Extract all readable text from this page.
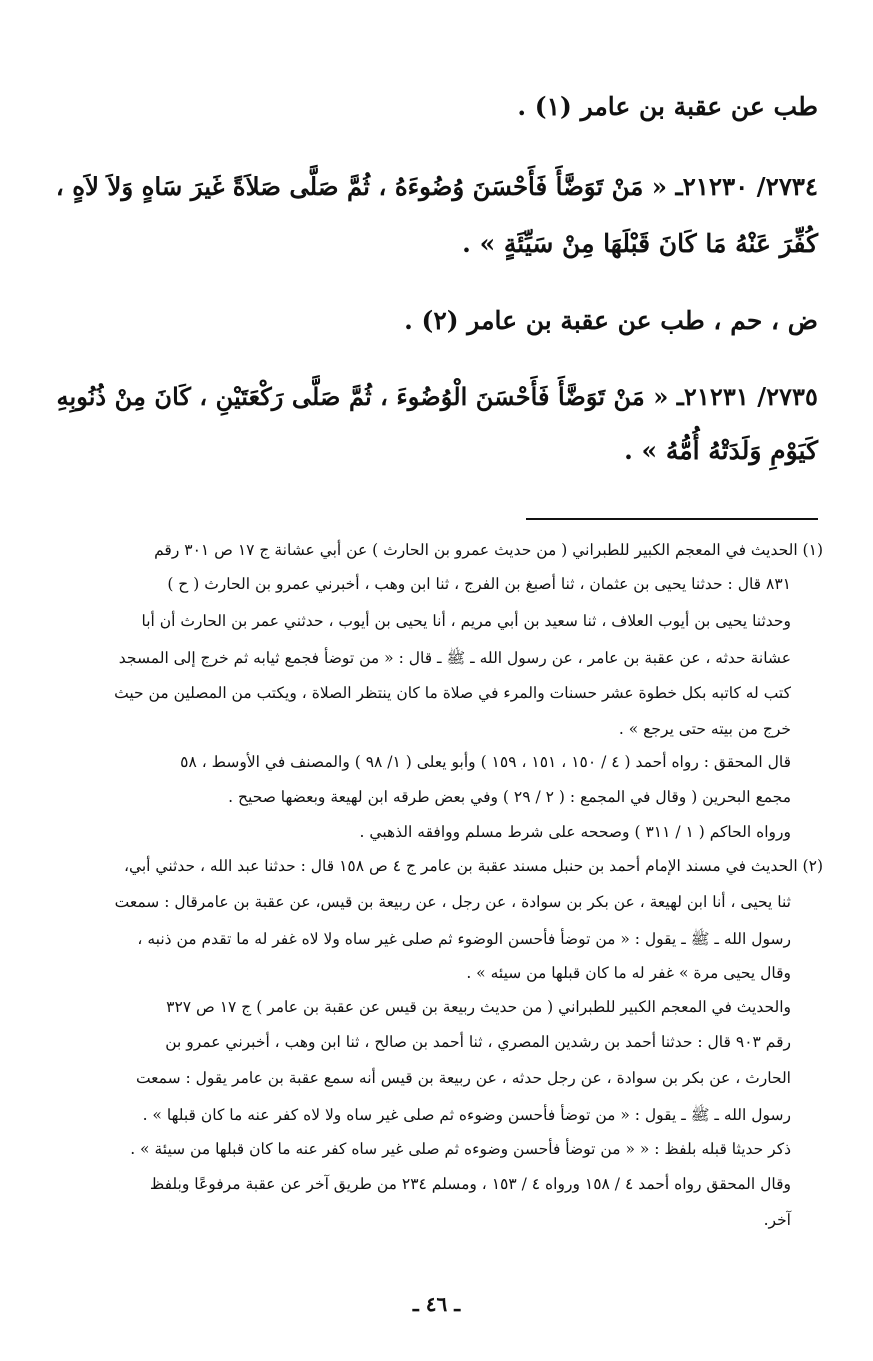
طب عن عقبة بن عامر (١) .
٢٧٣٤/ ٢١٢٣٠ـ « مَنْ تَوَضَّأَ فَأَحْسَنَ وُضُوءَهُ ، ثُمَّ صَلَّى صَلاَةً غَيرَ سَاهٍ وَلاَ لاَهٍ ،
كُفِّرَ عَنْهُ مَا كَانَ قَبْلَهَا مِنْ سَيِّئَةٍ » .
ض ، حم ، طب عن عقبة بن عامر (٢) .
٢٧٣٥/ ٢١٢٣١ـ « مَنْ تَوَضَّأَ فَأَحْسَنَ الْوُضُوءَ ، ثُمَّ صَلَّى رَكْعَتَيْنِ ، كَانَ مِنْ ذُنُوبِهِ
كَيَوْمِ وَلَدَتْهُ أُمُّهُ » .
(١) الحديث في المعجم الكبير للطبراني ( من حديث عمرو بن الحارث ) عن أبي عشانة ج ١٧ ص ٣٠١ رقم
٨٣١ قال : حدثنا يحيى بن عثمان ، ثنا أصبغ بن الفرج ، ثنا ابن وهب ، أخبرني عمرو بن الحارث ( ح )
وحدثنا يحيى بن أيوب العلاف ، ثنا سعيد بن أبي مريم ، أنا يحيى بن أيوب ، حدثني عمر بن الحارث أن أبا
عشانة حدثه ، عن عقبة بن عامر ، عن رسول الله ـ ﷺ ـ قال : « من توضأ فجمع ثيابه ثم خرج إلى المسجد
كتب له كاتبه بكل خطوة عشر حسنات والمرء في صلاة ما كان ينتظر الصلاة ، ويكتب من المصلين من حيث
خرج من بيته حتى يرجع » .
قال المحقق : رواه أحمد ( ٤ / ١٥٠ ، ١٥١ ، ١٥٩ ) وأبو يعلى ( ١/ ٩٨ ) والمصنف في الأوسط ، ٥٨
مجمع البحرين ( وقال في المجمع : ( ٢ / ٢٩ ) وفي بعض طرقه ابن لهيعة وبعضها صحيح .
ورواه الحاكم ( ١ / ٣١١ ) وصححه على شرط مسلم ووافقه الذهبي .
(٢) الحديث في مسند الإمام أحمد بن حنبل مسند عقبة بن عامر ج ٤ ص ١٥٨ قال : حدثنا عبد الله ، حدثني أبي،
ثنا يحيى ، أنا ابن لهيعة ، عن بكر بن سوادة ، عن رجل ، عن ربيعة بن قيس، عن عقبة بن عامرقال : سمعت
رسول الله ـ ﷺ ـ يقول : « من توضأ فأحسن الوضوء ثم صلى غير ساه ولا لاه غفر له ما تقدم من ذنبه ،
وقال يحيى مرة » غفر له ما كان قبلها من سيئه » .
والحديث في المعجم الكبير للطبراني ( من حديث ربيعة بن قيس عن عقبة بن عامر ) ج ١٧ ص ٣٢٧
رقم ٩٠٣ قال : حدثنا أحمد بن رشدين المصري ، ثنا أحمد بن صالح ، ثنا ابن وهب ، أخبرني عمرو بن
الحارث ، عن بكر بن سوادة ، عن رجل حدثه ، عن ربيعة بن قيس أنه سمع عقبة بن عامر يقول : سمعت
رسول الله ـ ﷺ ـ يقول : « من توضأ فأحسن وضوءه ثم صلى غير ساه ولا لاه كفر عنه ما كان قبلها » .
ذكر حديثا قبله بلفظ : « « من توضأ فأحسن وضوءه ثم صلى غير ساه كفر عنه ما كان قبلها من سيئة » .
وقال المحقق رواه أحمد ٤ / ١٥٨ ورواه ٤ / ١٥٣ ، ومسلم ٢٣٤ من طريق آخر عن عقبة مرفوعًا وبلفظ
آخر.
ـ ٤٦ ـ
